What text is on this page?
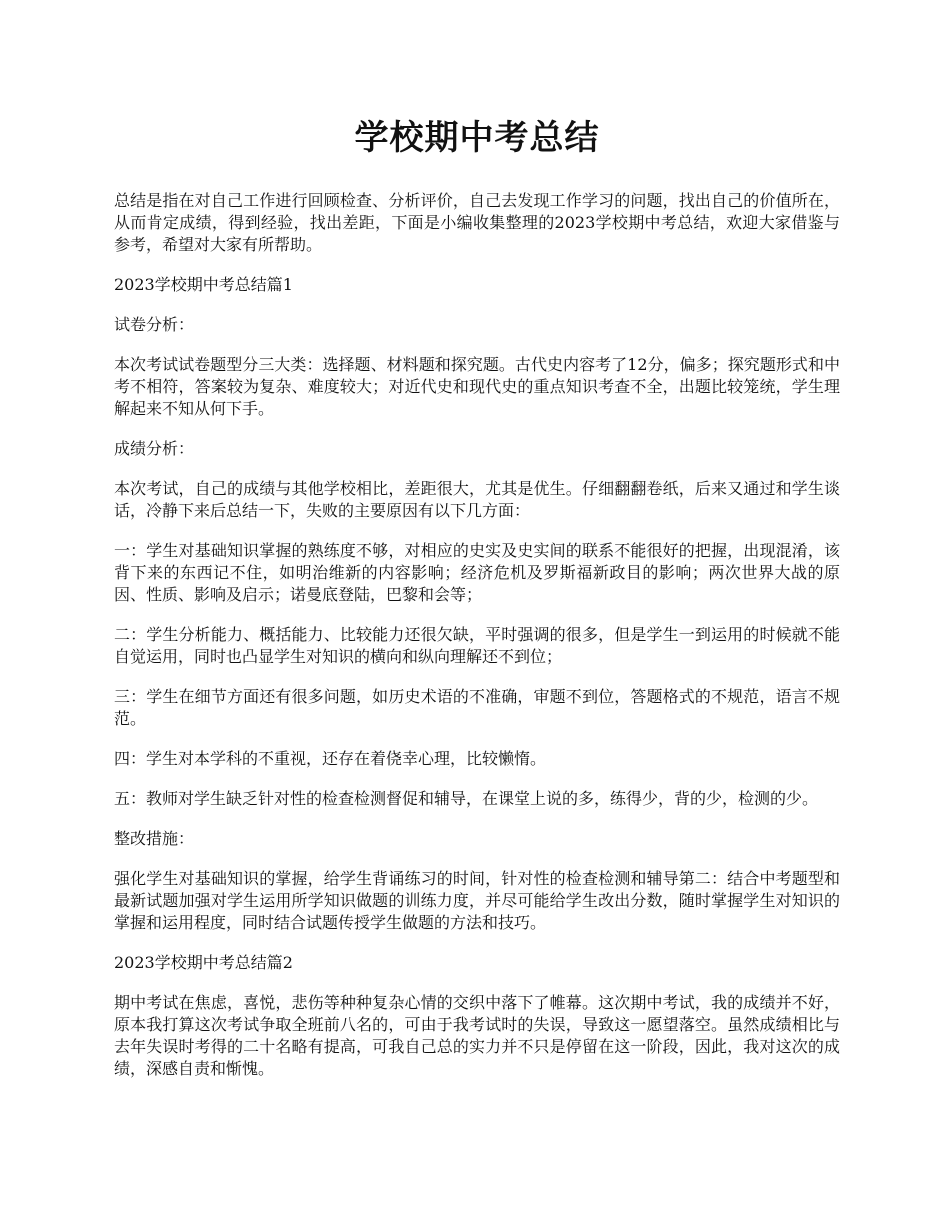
学校期中考总结

总结是指在对自己工作进行回顾检查、分析评价，自己去发现工作学习的问题，找出自己的价值所在，从而肯定成绩，得到经验，找出差距，下面是小编收集整理的2023学校期中考总结，欢迎大家借鉴与参考，希望对大家有所帮助。

2023学校期中考总结篇1

试卷分析：

本次考试试卷题型分三大类：选择题、材料题和探究题。古代史内容考了12分，偏多；探究题形式和中考不相符，答案较为复杂、难度较大；对近代史和现代史的重点知识考查不全，出题比较笼统，学生理解起来不知从何下手。

成绩分析：

本次考试，自己的成绩与其他学校相比，差距很大，尤其是优生。仔细翻翻卷纸，后来又通过和学生谈话，冷静下来后总结一下，失败的主要原因有以下几方面：

一：学生对基础知识掌握的熟练度不够，对相应的史实及史实间的联系不能很好的把握，出现混淆，该背下来的东西记不住，如明治维新的内容影响；经济危机及罗斯福新政目的影响；两次世界大战的原因、性质、影响及启示；诺曼底登陆，巴黎和会等；

二：学生分析能力、概括能力、比较能力还很欠缺，平时强调的很多，但是学生一到运用的时候就不能自觉运用，同时也凸显学生对知识的横向和纵向理解还不到位；

三：学生在细节方面还有很多问题，如历史术语的不准确，审题不到位，答题格式的不规范，语言不规范。

四：学生对本学科的不重视，还存在着侥幸心理，比较懒惰。

五：教师对学生缺乏针对性的检查检测督促和辅导，在课堂上说的多，练得少，背的少，检测的少。

整改措施：

强化学生对基础知识的掌握，给学生背诵练习的时间，针对性的检查检测和辅导第二：结合中考题型和最新试题加强对学生运用所学知识做题的训练力度，并尽可能给学生改出分数，随时掌握学生对知识的掌握和运用程度，同时结合试题传授学生做题的方法和技巧。

2023学校期中考总结篇2

期中考试在焦虑，喜悦，悲伤等种种复杂心情的交织中落下了帷幕。这次期中考试，我的成绩并不好，原本我打算这次考试争取全班前八名的，可由于我考试时的失误，导致这一愿望落空。虽然成绩相比与去年失误时考得的二十名略有提高，可我自己总的实力并不只是停留在这一阶段，因此，我对这次的成绩，深感自责和惭愧。
